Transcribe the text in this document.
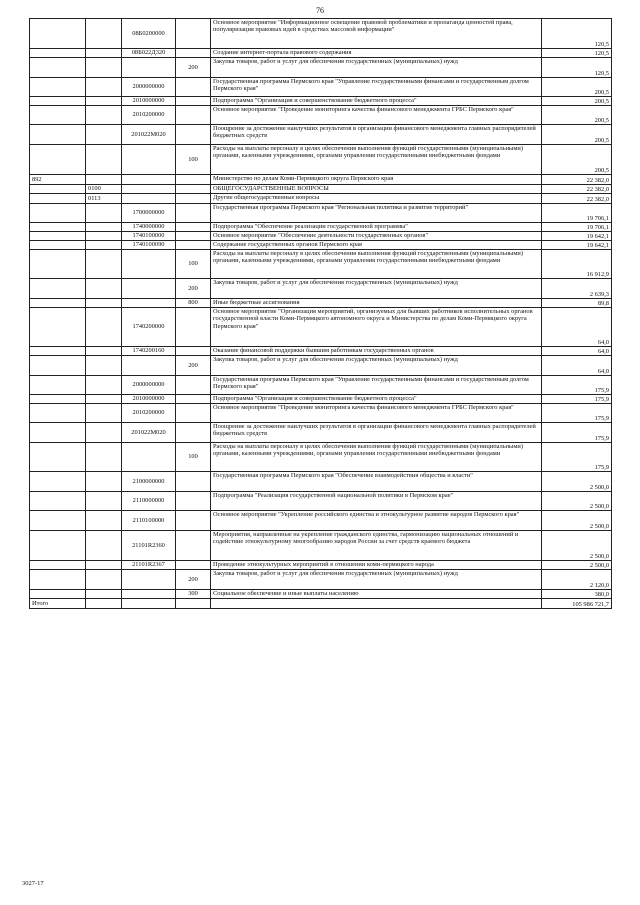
76
		08Б0200000		Основное мероприятие "Информационное освещение правовой проблематики и пропаганда ценностей права, популяризация правовых идей в средствах массовой информации"	120,5
		08Б022Д320		Создание интернет-портала правового содержания	120,5
			200	Закупка товаров, работ и услуг для обеспечения государственных (муниципальных) нужд	120,5
		2000000000		Государственная программа Пермского края "Управление государственными финансами и государственным долгом Пермского края"	200,5
		2010000000		Подпрограмма "Организация и совершенствование бюджетного процесса"	200,5
		2010200000		Основное мероприятие "Проведение мониторинга качества финансового менеджмента ГРБС Пермского края"	200,5
		201022М020		Поощрение за достижение наилучших результатов в организации финансового менеджмента главных распорядителей бюджетных средств	200,5
			100	Расходы на выплаты персоналу в целях обеспечения выполнения функций государственными (муниципальными) органами, казенными учреждениями, органами управления государственными внебюджетными фондами	200,5
892				Министерство по делам Коми-Пермяцкого округа Пермского края	22 382,0
	0100			ОБЩЕГОСУДАРСТВЕННЫЕ ВОПРОСЫ	22 382,0
	0113			Другие общегосударственные вопросы	22 382,0
		1700000000		Государственная программа Пермского края "Региональная политика и развитие территорий"	19 706,1
		1740000000		Подпрограмма "Обеспечение реализации государственной программы"	19 706,1
		1740100000		Основное мероприятие "Обеспечение деятельности государственных органов"	19 642,1
		1740100090		Содержание государственных органов Пермского края	19 642,1
			100	Расходы на выплаты персоналу в целях обеспечения выполнения функций государственными (муниципальными) органами, казенными учреждениями, органами управления государственными внебюджетными фондами	16 912,9
			200	Закупка товаров, работ и услуг для обеспечения государственных (муниципальных) нужд	2 639,3
			800	Иные бюджетные ассигнования	89,8
		1740200000		Основное мероприятие "Организация мероприятий, организуемых для бывших работников исполнительных органов государственной власти Коми-Пермяцкого автономного округа и Министерства по делам Коми-Пермяцкого округа Пермского края"	64,0
		1740200160		Оказание финансовой поддержки бывшим работникам государственных органов	64,0
			200	Закупка товаров, работ и услуг для обеспечения государственных (муниципальных) нужд	64,0
		2000000000		Государственная программа Пермского края "Управление государственными финансами и государственным долгом Пермского края"	175,9
		2010000000		Подпрограмма "Организация и совершенствование бюджетного процесса"	175,9
		2010200000		Основное мероприятие "Проведение мониторинга качества финансового менеджмента ГРБС Пермского края"	175,9
		201022М020		Поощрение за достижение наилучших результатов в организации финансового менеджмента главных распорядителей бюджетных средств	175,9
			100	Расходы на выплаты персоналу в целях обеспечения выполнения функций государственными (муниципальными) органами, казенными учреждениями, органами управления государственными внебюджетными фондами	175,9
		2100000000		Государственная программа Пермского края "Обеспечение взаимодействия общества и власти"	2 500,0
		2110000000		Подпрограмма "Реализация государственной национальной политики в Пермском крае"	2 500,0
		2110100000		Основное мероприятие "Укрепление российского единства и этнокультурное развитие народов Пермского края"	2 500,0
		21101R2360		Мероприятия, направленные на укрепление гражданского единства, гармонизацию национальных отношений и содействие этнокультурному многообразию народов России за счет средств краевого бюджета	2 500,0
		21101R2367		Проведение этнокультурных мероприятий в отношении коми-пермяцкого народа	2 500,0
			200	Закупка товаров, работ и услуг для обеспечения государственных (муниципальных) нужд	2 120,0
			300	Социальное обеспечение и иные выплаты населению	380,0
Итого					105 986 721,7
3027-17
